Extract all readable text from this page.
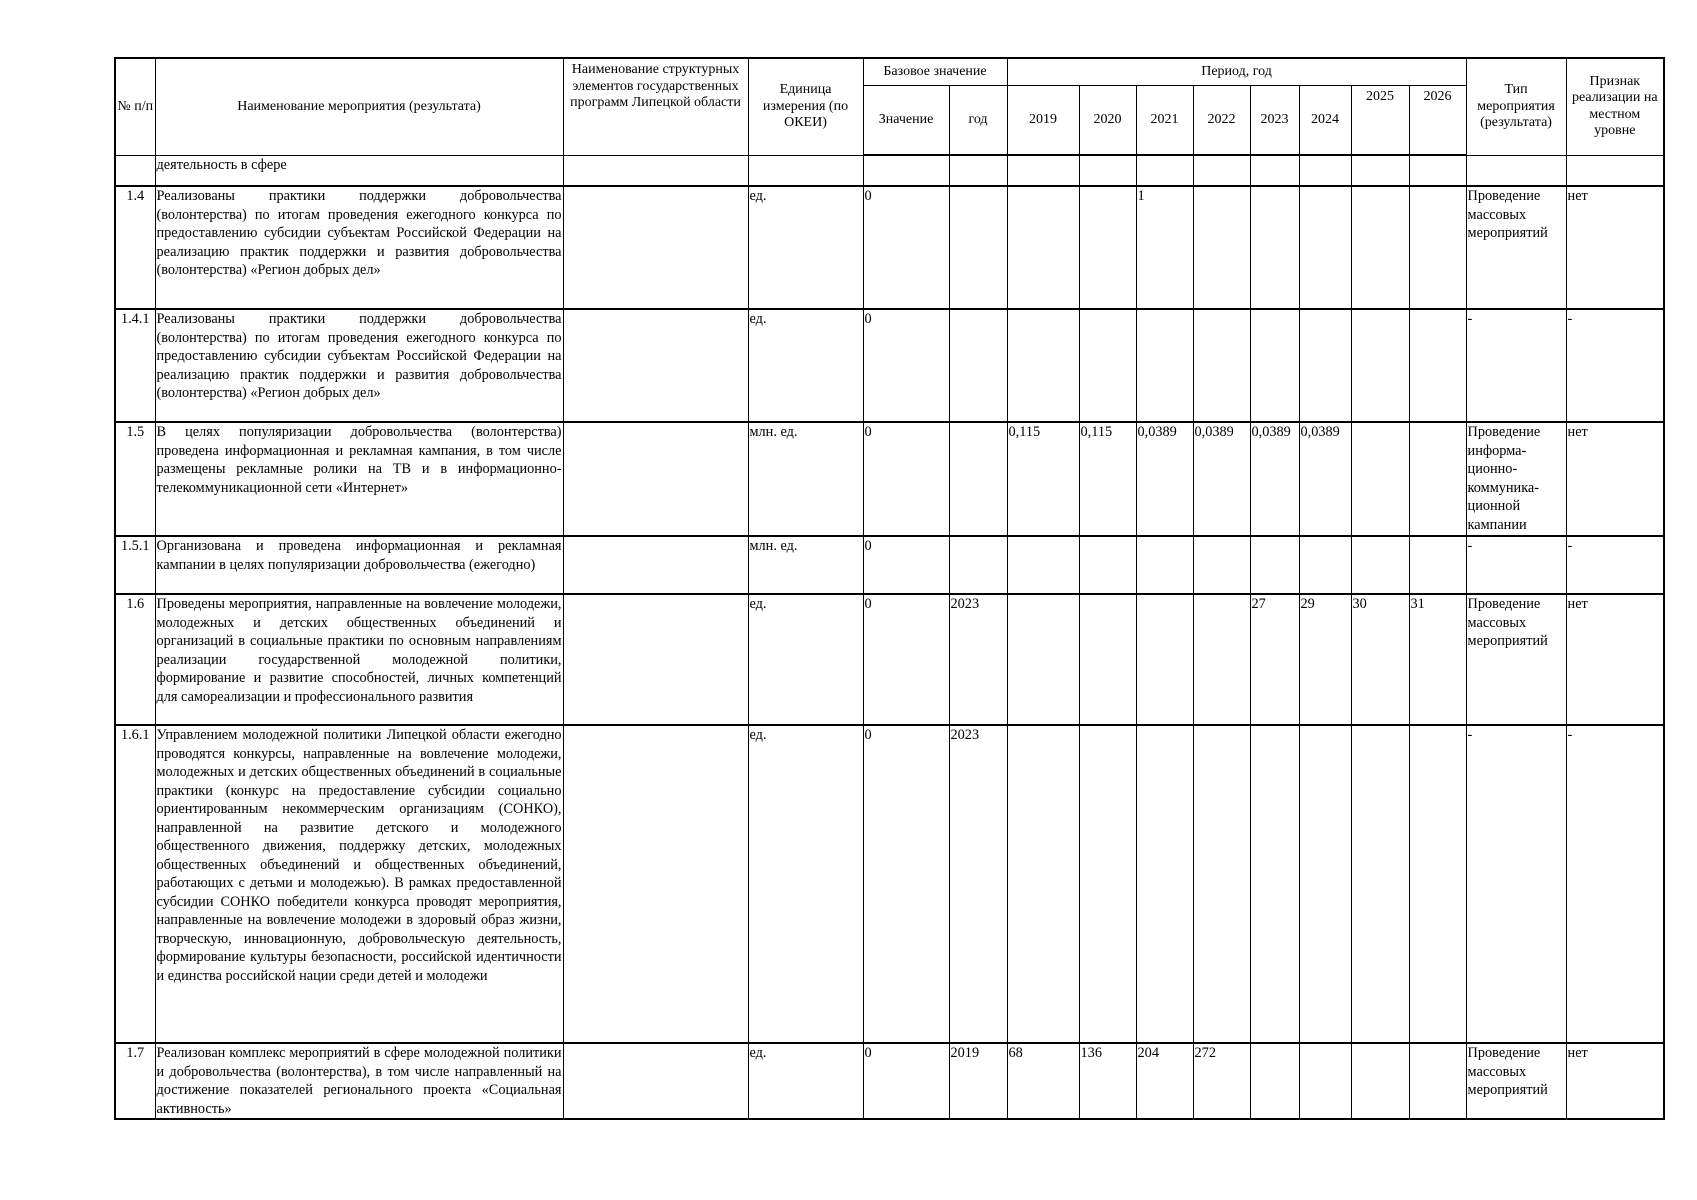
№ п/п	Наименование мероприятия (результата)	Наименование структурных элементов государственных программ Липецкой области	Единица измерения (по ОКЕИ)	Базовое значение		Период, год								Тип мероприятия (результата)	Признак реализации на местном уровне
				Значение	год	2019	2020	2021	2022	2023	2024	2025	2026		
	деятельность в сфере														
1.4	Реализованы практики поддержки добровольчества (волонтерства) по итогам проведения ежегодного конкурса по предоставлению субсидии субъектам Российской Федерации на реализацию практик поддержки и развития добровольчества (волонтерства) «Регион добрых дел»		ед.	0				1						Проведение массовых мероприятий	нет
1.4.1	Реализованы практики поддержки добровольчества (волонтерства) по итогам проведения ежегодного конкурса по предоставлению субсидии субъектам Российской Федерации на реализацию практик поддержки и развития добровольчества (волонтерства) «Регион добрых дел»		ед.	0										-	-
1.5	В целях популяризации добровольчества (волонтерства) проведена информационная и рекламная кампания, в том числе размещены рекламные ролики на ТВ и в информационно-телекоммуникационной сети «Интернет»		млн. ед.	0		0,115	0,115	0,0389	0,0389	0,0389	0,0389			Проведение информа-ционно-коммуника-ционной кампании	нет
1.5.1	Организована и проведена информационная и рекламная кампании в целях популяризации добровольчества (ежегодно)		млн. ед.	0										-	-
1.6	Проведены мероприятия, направленные на вовлечение молодежи, молодежных и детских общественных объединений и организаций в социальные практики по основным направлениям реализации государственной молодежной политики, формирование и развитие способностей, личных компетенций для самореализации и профессионального развития		ед.	0	2023					27	29	30	31	Проведение массовых мероприятий	нет
1.6.1	Управлением молодежной политики Липецкой области ежегодно проводятся конкурсы, направленные на вовлечение молодежи, молодежных и детских общественных объединений в социальные практики (конкурс на предоставление субсидии социально ориентированным некоммерческим организациям (СОНКО), направленной на развитие детского и молодежного общественного движения, поддержку детских, молодежных общественных объединений и общественных объединений, работающих с детьми и молодежью). В рамках предоставленной субсидии СОНКО победители конкурса проводят мероприятия, направленные на вовлечение молодежи в здоровый образ жизни, творческую, инновационную, добровольческую деятельность, формирование культуры безопасности, российской идентичности и единства российской нации среди детей и молодежи		ед.	0	2023									-	-
1.7	Реализован комплекс мероприятий в сфере молодежной политики и добровольчества (волонтерства), в том числе направленный на достижение показателей регионального проекта «Социальная активность»		ед.	0	2019	68	136	204	272					Проведение массовых мероприятий	нет
